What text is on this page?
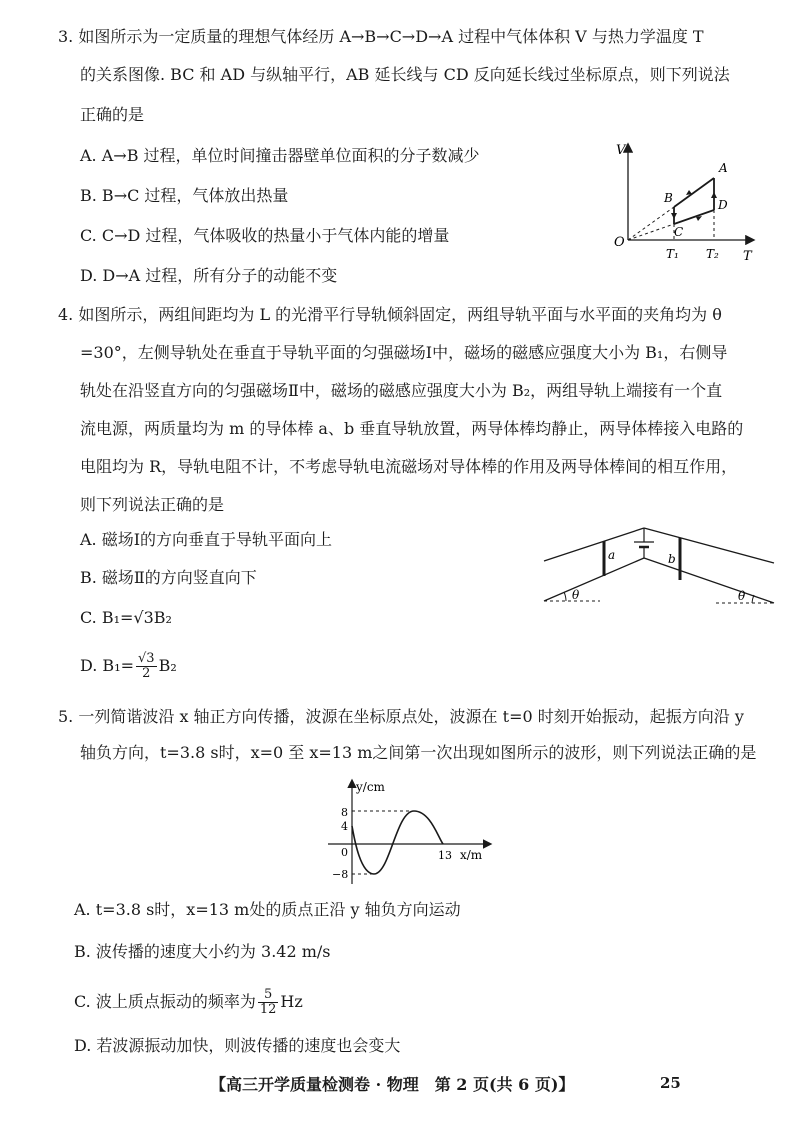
3. 如图所示为一定质量的理想气体经历 A→B→C→D→A 过程中气体体积 V 与热力学温度 T
的关系图像. BC 和 AD 与纵轴平行，AB 延长线与 CD 反向延长线过坐标原点，则下列说法
正确的是
A. A→B 过程，单位时间撞击器壁单位面积的分子数减少
B. B→C 过程，气体放出热量
C. C→D 过程，气体吸收的热量小于气体内能的增量
D. D→A 过程，所有分子的动能不变
V
T
O
A
B
C
D
T₁ T₂
4. 如图所示，两组间距均为 L 的光滑平行导轨倾斜固定，两组导轨平面与水平面的夹角均为 θ
=30°，左侧导轨处在垂直于导轨平面的匀强磁场Ⅰ中，磁场的磁感应强度大小为 B₁，右侧导
轨处在沿竖直方向的匀强磁场Ⅱ中，磁场的磁感应强度大小为 B₂，两组导轨上端接有一个直
流电源，两质量均为 m 的导体棒 a、b 垂直导轨放置，两导体棒均静止，两导体棒接入电路的
电阻均为 R，导轨电阻不计，不考虑导轨电流磁场对导体棒的作用及两导体棒间的相互作用，
则下列说法正确的是
A. 磁场Ⅰ的方向垂直于导轨平面向上
B. 磁场Ⅱ的方向竖直向下
C. B₁=√3B₂
D. $B_1= \frac{√3}{2} B_2$
a	b
θ	θ
5. 一列简谐波沿 x 轴正方向传播，波源在坐标原点处，波源在 t=0 时刻开始振动，起振方向沿 y
轴负方向，t=3.8 s时，x=0 至 x=13 m之间第一次出现如图所示的波形，则下列说法正确的是
y/cm
x/m
8
4
0
−8
13
A. t=3.8 s时，x=13 m处的质点正沿 y 轴负方向运动
B. 波传播的速度大小约为 3.42 m/s
C. 波上质点振动的频率为 $\frac{5}{12}$ Hz
D. 若波源振动加快，则波传播的速度也会变大
【高三开学质量检测卷 · 物理　第 2 页(共 6 页)】	25
